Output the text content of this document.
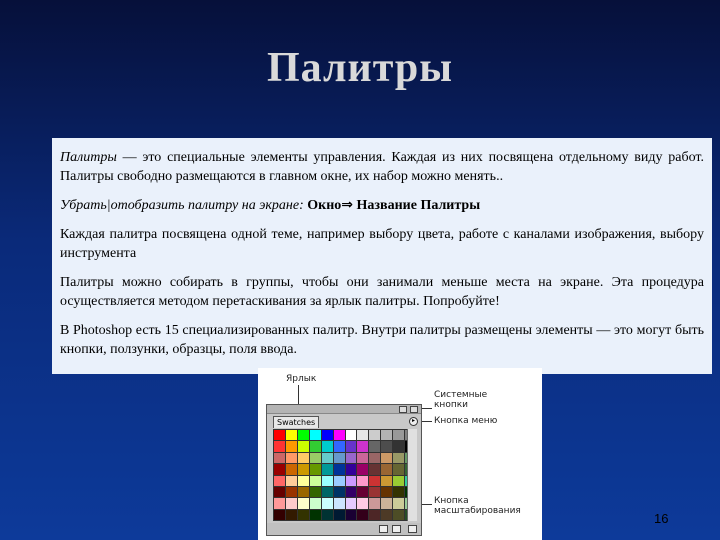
Палитры

Палитры — это специальные элементы управления. Каждая из них посвящена отдельному виду работ. Палитры свободно размещаются в главном окне, их набор можно менять..

Убрать|отобразить палитру на экране: Окно⇒ Название Палитры

Каждая палитра посвящена одной теме, например выбору цвета, работе с каналами изображения, выбору инструмента

Палитры можно собирать в группы, чтобы они занимали меньше места на экране. Эта процедура осуществляется методом перетаскивания за ярлык палитры. Попробуйте!

В Photoshop есть 15 специализированных палитр. Внутри палитры размещены элементы — это могут быть кнопки, ползунки, образцы, поля ввода.

Ярлык
Системные
кнопки
Кнопка меню
Кнопка
масштабирования
Swatches	▸
16
